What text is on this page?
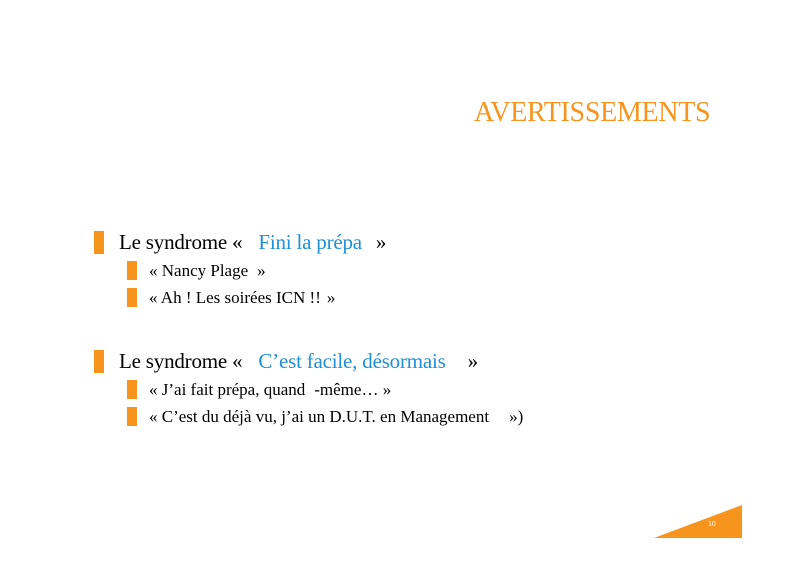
AVERTISSEMENTS
Le syndrome « Fini la prépa »
« Nancy Plage »
« Ah ! Les soirées ICN !! »
Le syndrome « C’est facile, désormais »
« J’ai fait prépa, quand -même… »
« C’est du déjà vu, j’ai un D.U.T. en Management »)
10
